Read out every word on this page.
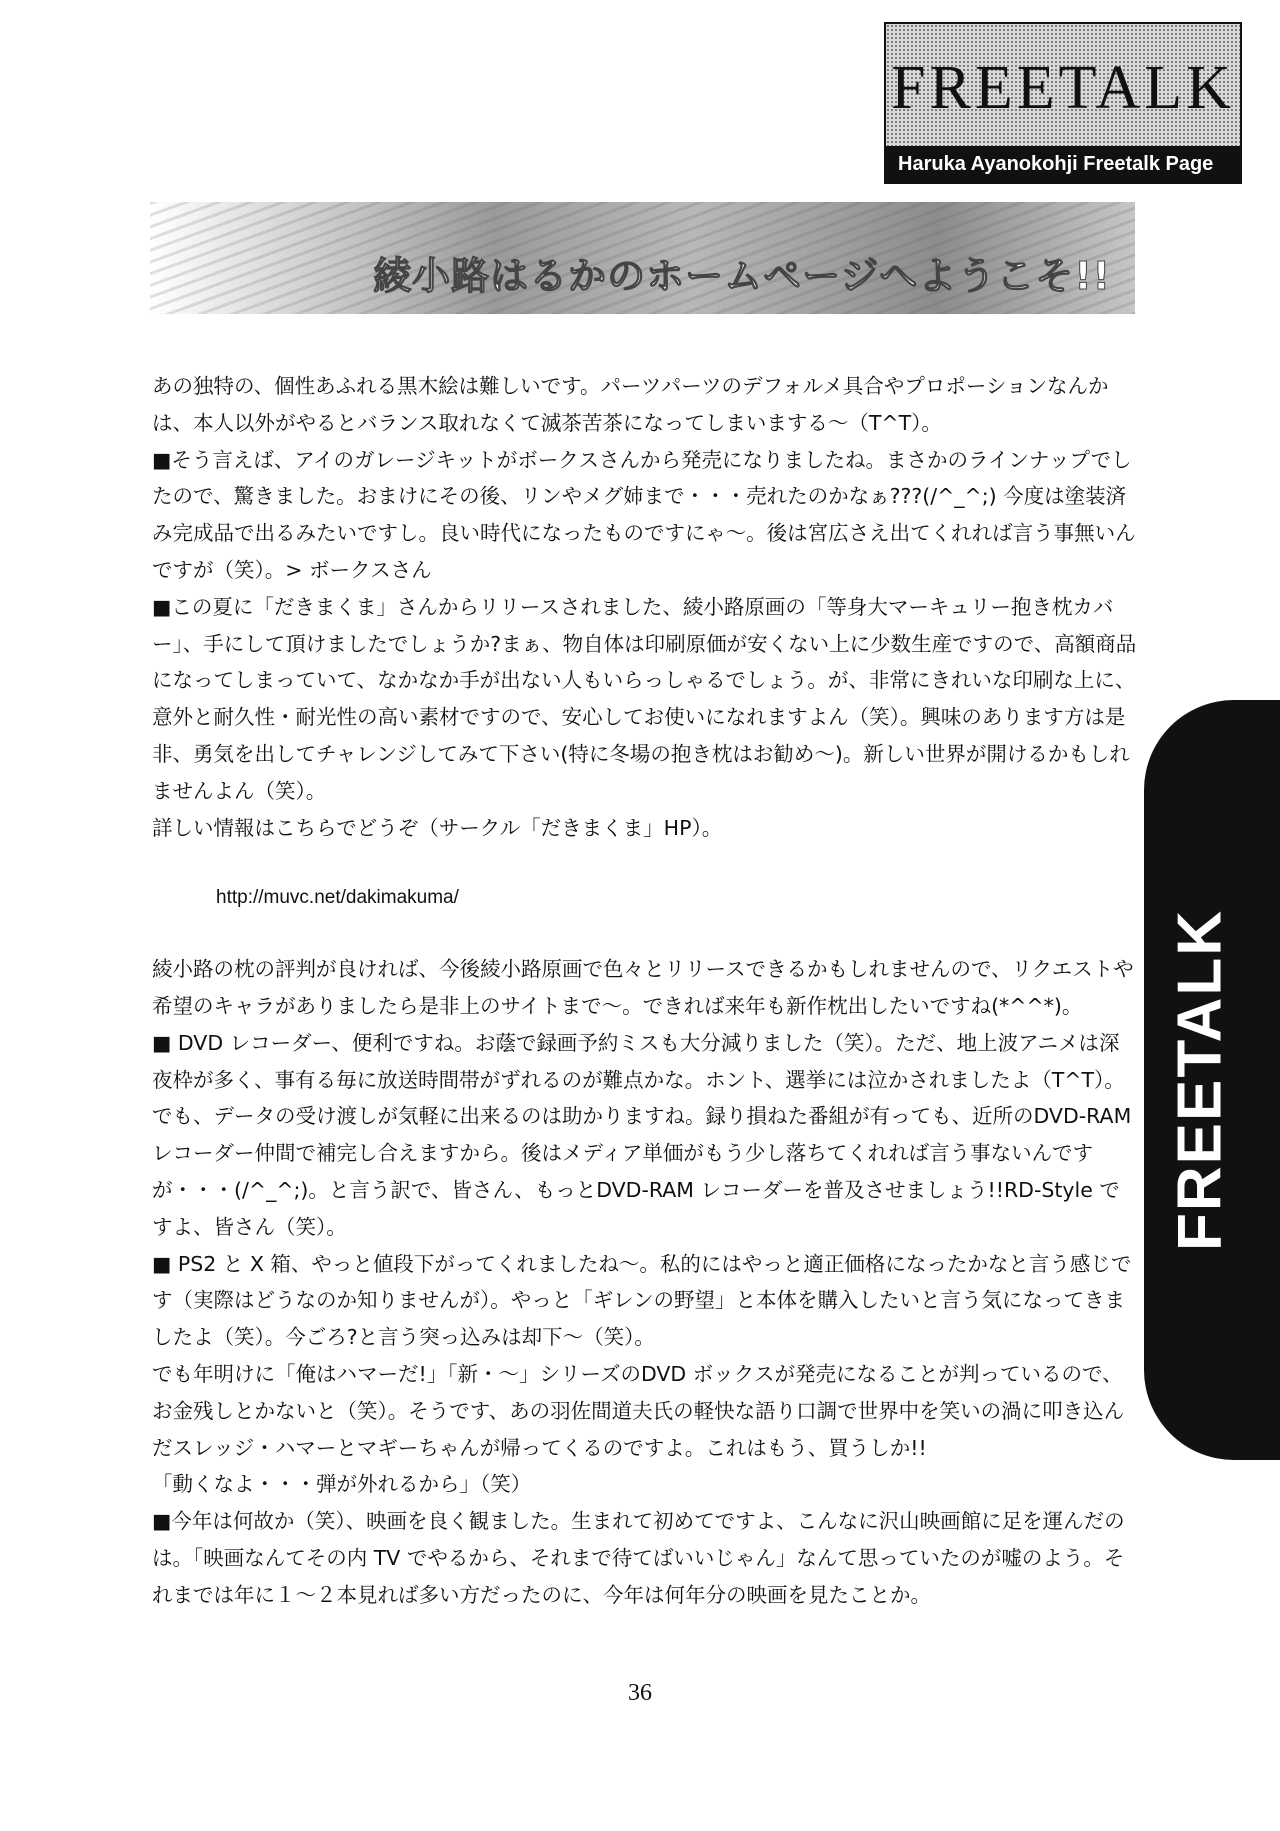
FREETALK
Haruka Ayanokohji Freetalk Page
FREETALK
綾小路はるかのホームページへようこそ!!

あの独特の、個性あふれる黒木絵は難しいです。パーツパーツのデフォルメ具合やプロポーションなんかは、本人以外がやるとバランス取れなくて滅茶苦茶になってしまいまする〜（T^T）。

■そう言えば、アイのガレージキットがボークスさんから発売になりましたね。まさかのラインナップでしたので、驚きました。おまけにその後、リンやメグ姉まで・・・売れたのかなぁ???(/^_^;) 今度は塗装済み完成品で出るみたいですし。良い時代になったものですにゃ〜。後は宮広さえ出てくれれば言う事無いんですが（笑）。> ボークスさん

■この夏に「だきまくま」さんからリリースされました、綾小路原画の「等身大マーキュリー抱き枕カバー」、手にして頂けましたでしょうか?まぁ、物自体は印刷原価が安くない上に少数生産ですので、高額商品になってしまっていて、なかなか手が出ない人もいらっしゃるでしょう。が、非常にきれいな印刷な上に、意外と耐久性・耐光性の高い素材ですので、安心してお使いになれますよん（笑）。興味のあります方は是非、勇気を出してチャレンジしてみて下さい(特に冬場の抱き枕はお勧め〜)。新しい世界が開けるかもしれませんよん（笑）。

詳しい情報はこちらでどうぞ（サークル「だきまくま」HP）。

http://muvc.net/dakimakuma/

綾小路の枕の評判が良ければ、今後綾小路原画で色々とリリースできるかもしれませんので、リクエストや希望のキャラがありましたら是非上のサイトまで〜。できれば来年も新作枕出したいですね(*^^*)。

■ DVD レコーダー、便利ですね。お蔭で録画予約ミスも大分減りました（笑）。ただ、地上波アニメは深夜枠が多く、事有る毎に放送時間帯がずれるのが難点かな。ホント、選挙には泣かされましたよ（T^T）。でも、データの受け渡しが気軽に出来るのは助かりますね。録り損ねた番組が有っても、近所のDVD-RAMレコーダー仲間で補完し合えますから。後はメディア単価がもう少し落ちてくれれば言う事ないんですが・・・(/^_^;)。と言う訳で、皆さん、もっとDVD-RAM レコーダーを普及させましょう!!RD-Style ですよ、皆さん（笑）。

■ PS2 と X 箱、やっと値段下がってくれましたね〜。私的にはやっと適正価格になったかなと言う感じです（実際はどうなのか知りませんが）。やっと「ギレンの野望」と本体を購入したいと言う気になってきましたよ（笑）。今ごろ?と言う突っ込みは却下〜（笑）。

でも年明けに「俺はハマーだ!」「新・〜」シリーズのDVD ボックスが発売になることが判っているので、お金残しとかないと（笑）。そうです、あの羽佐間道夫氏の軽快な語り口調で世界中を笑いの渦に叩き込んだスレッジ・ハマーとマギーちゃんが帰ってくるのですよ。これはもう、買うしか!!

「動くなよ・・・弾が外れるから」（笑）

■今年は何故か（笑）、映画を良く観ました。生まれて初めてですよ、こんなに沢山映画館に足を運んだのは。「映画なんてその内 TV でやるから、それまで待てばいいじゃん」なんて思っていたのが嘘のよう。それまでは年に１〜２本見れば多い方だったのに、今年は何年分の映画を見たことか。

36
